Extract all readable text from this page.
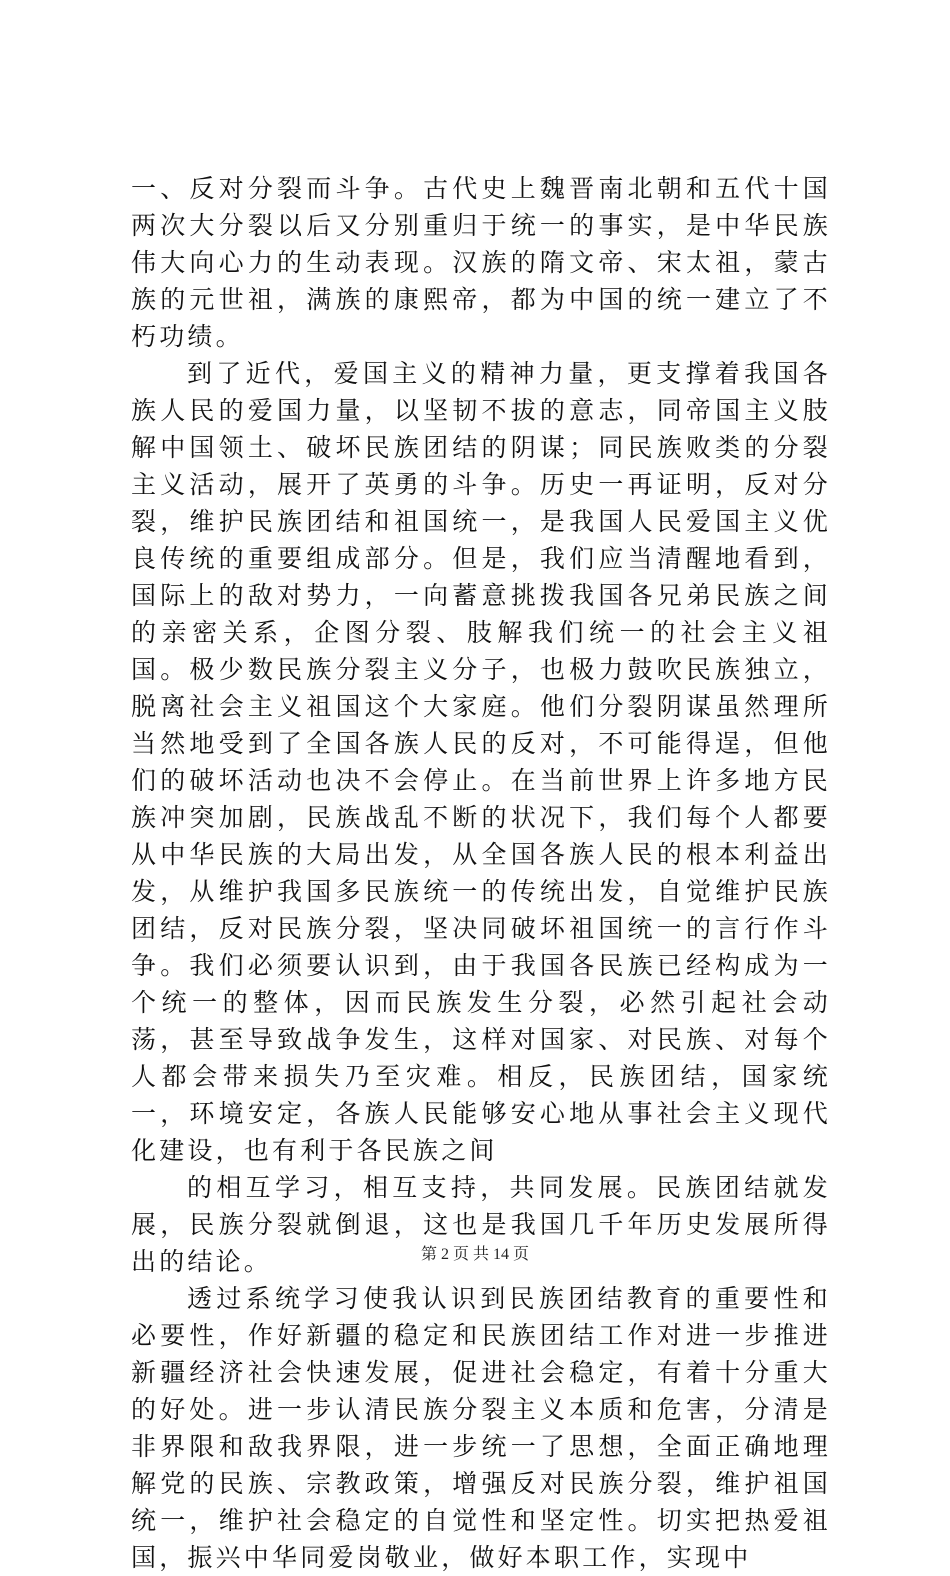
一、反对分裂而斗争。古代史上魏晋南北朝和五代十国两次大分裂以后又分别重归于统一的事实，是中华民族伟大向心力的生动表现。汉族的隋文帝、宋太祖，蒙古族的元世祖，满族的康熙帝，都为中国的统一建立了不朽功绩。

到了近代，爱国主义的精神力量，更支撑着我国各族人民的爱国力量，以坚韧不拔的意志，同帝国主义肢解中国领土、破坏民族团结的阴谋；同民族败类的分裂主义活动，展开了英勇的斗争。历史一再证明，反对分裂，维护民族团结和祖国统一，是我国人民爱国主义优良传统的重要组成部分。但是，我们应当清醒地看到，国际上的敌对势力，一向蓄意挑拨我国各兄弟民族之间的亲密关系，企图分裂、肢解我们统一的社会主义祖国。极少数民族分裂主义分子，也极力鼓吹民族独立，脱离社会主义祖国这个大家庭。他们分裂阴谋虽然理所当然地受到了全国各族人民的反对，不可能得逞，但他们的破坏活动也决不会停止。在当前世界上许多地方民族冲突加剧，民族战乱不断的状况下，我们每个人都要从中华民族的大局出发，从全国各族人民的根本利益出发，从维护我国多民族统一的传统出发，自觉维护民族团结，反对民族分裂，坚决同破坏祖国统一的言行作斗争。我们必须要认识到，由于我国各民族已经构成为一个统一的整体，因而民族发生分裂，必然引起社会动荡，甚至导致战争发生，这样对国家、对民族、对每个人都会带来损失乃至灾难。相反，民族团结，国家统一，环境安定，各族人民能够安心地从事社会主义现代化建设，也有利于各民族之间

的相互学习，相互支持，共同发展。民族团结就发展，民族分裂就倒退，这也是我国几千年历史发展所得出的结论。

透过系统学习使我认识到民族团结教育的重要性和必要性，作好新疆的稳定和民族团结工作对进一步推进新疆经济社会快速发展，促进社会稳定，有着十分重大的好处。进一步认清民族分裂主义本质和危害，分清是非界限和敌我界限，进一步统一了思想，全面正确地理解党的民族、宗教政策，增强反对民族分裂，维护祖国统一，维护社会稳定的自觉性和坚定性。切实把热爱祖国，振兴中华同爱岗敬业，做好本职工作，实现中

第 2 页 共 14 页
